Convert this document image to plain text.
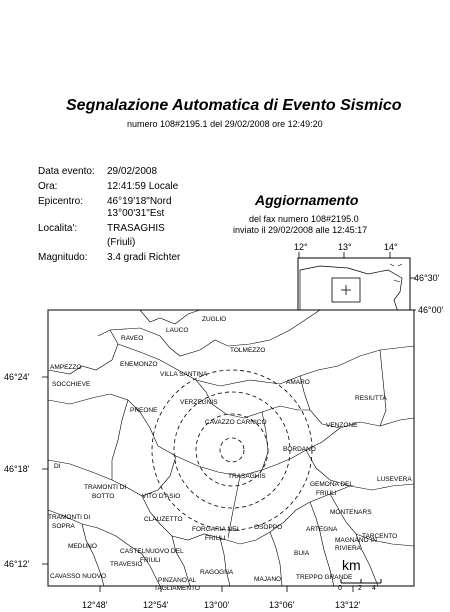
Segnalazione Automatica di Evento Sismico
numero 108#2195.1 del 29/02/2008 ore 12:49:20
Data evento: 29/02/2008
Ora:	12:41:59 Locale
Epicentro: 46°19'18"Nord
13°00'31"Est
Localita':	TRASAGHIS
(Friuli)
Magnitudo: 3.4 gradi Richter
Aggiornamento
del fax numero 108#2195.0
inviato il 29/02/2008 alle 12:45:17
12°	13°	14°
46°30'
46°00'
46°24'
46°18'
46°12'
12°48'	12°54'	13°00'	13°06'	13°12'
km
0 2 4
ZUGLIO
RAVEO
LAUCO
TOLMEZZO
AMPEZZO
SOCCHIEVE
ENEMONZO
VILLA SANTINA
AMARO
RESIUTTA
PREONE
VERZEGNIS
CAVAZZO CARNICO	VENZONE
BORDANO
TRASAGHIS
TRAMONTI DI
BOTTO	VITO D'ASIO
GEMONA DEL
FRIULI
LUSEVERA
MONTENARS
TRAMONTI DI
SOPRA
CLAUZETTO
FORGARIA NEL
FRIULI
OSOPPO	ARTEGNA
MAGNANO IN
RIVIERA
TARCENTO
MEDUNO
CASTELNUOVO DEL
FRIULI
TRAVESIO
BUIA
RAGOGNA
CAVASSO NUOVO
PINZANO AL
TAGLIAMENTO
MAJANO TREPPO GRANDE
DI
